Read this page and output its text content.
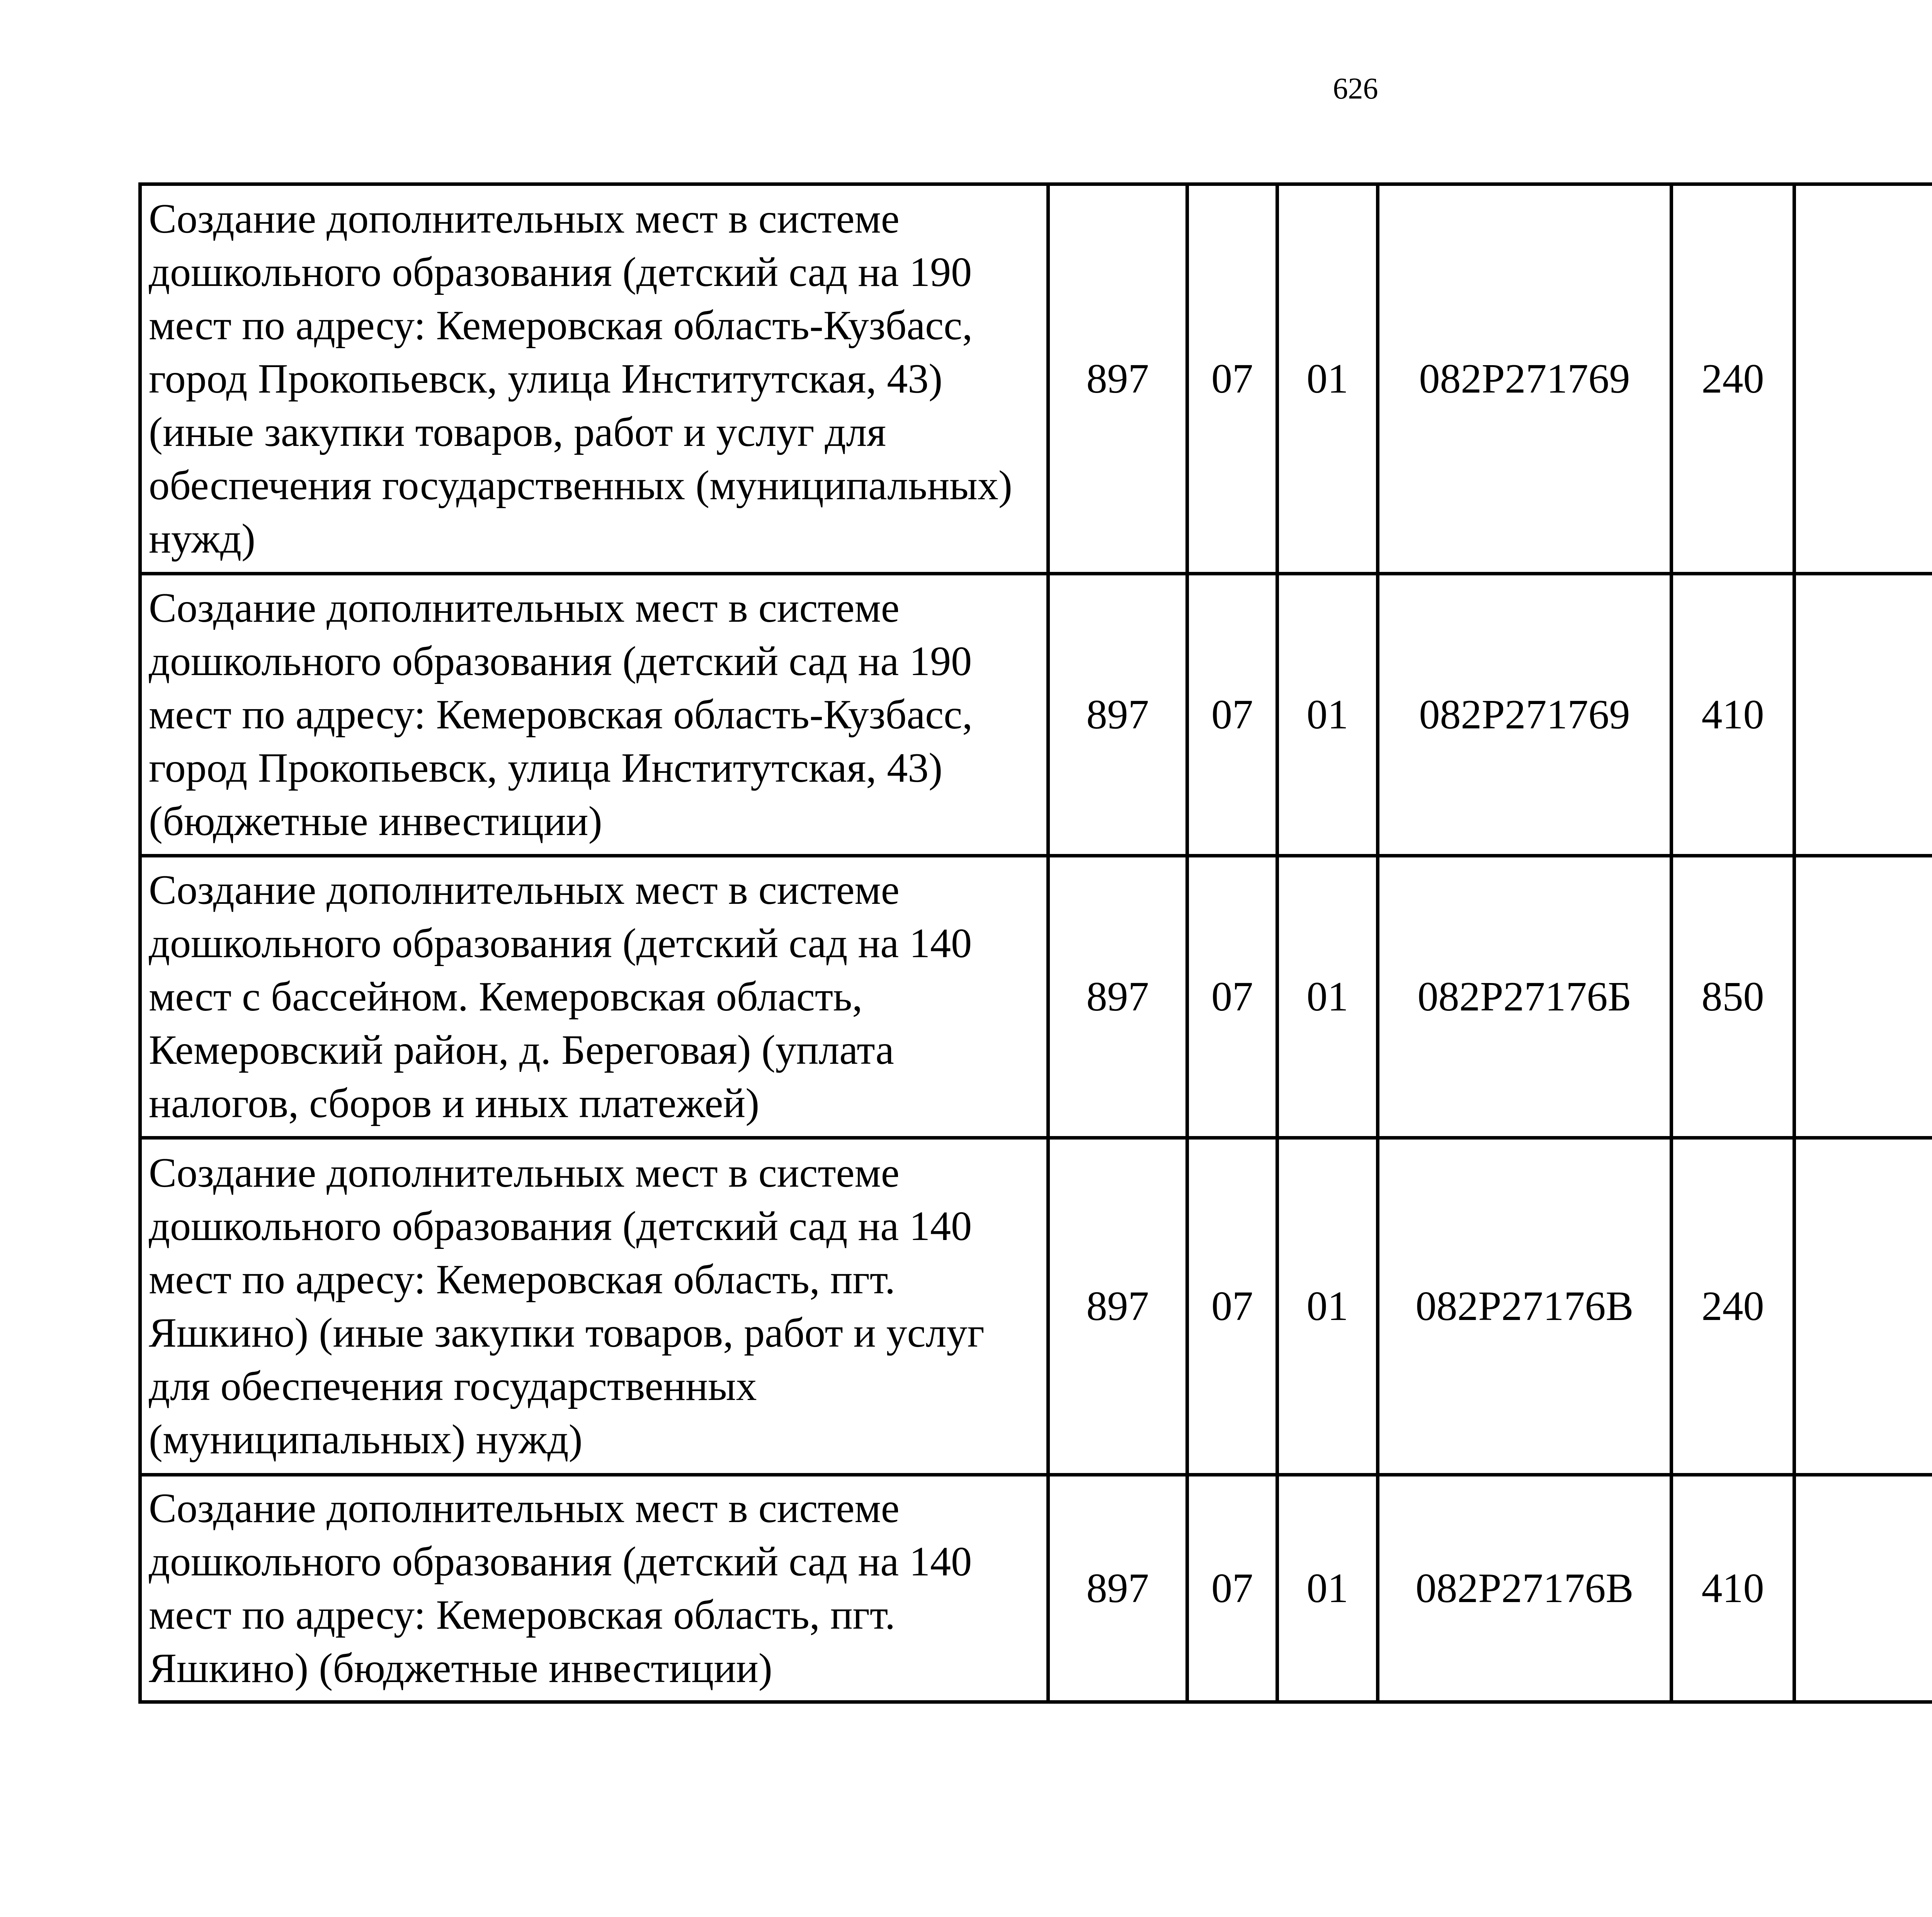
626
Создание дополнительных мест в системе дошкольного образования (детский сад на 190 мест по адресу: Кемеровская область-Кузбасс, город Прокопьевск, улица Институтская, 43) (иные закупки товаров, работ и услуг для обеспечения государственных (муниципальных) нужд)	897	07	01	082Р271769	240			
Создание дополнительных мест в системе дошкольного образования (детский сад на 190 мест по адресу: Кемеровская область-Кузбасс, город Прокопьевск, улица Институтская, 43) (бюджетные инвестиции)	897	07	01	082Р271769	410			
Создание дополнительных мест в системе дошкольного образования (детский сад на 140 мест с бассейном. Кемеровская область, Кемеровский район, д. Береговая) (уплата налогов, сборов и иных платежей)	897	07	01	082Р27176Б	850			
Создание дополнительных мест в системе дошкольного образования (детский сад на 140 мест по адресу: Кемеровская область, пгт. Яшкино) (иные закупки товаров, работ и услуг для обеспечения государственных (муниципальных) нужд)	897	07	01	082Р27176В	240			
Создание дополнительных мест в системе дошкольного образования (детский сад на 140 мест по адресу: Кемеровская область, пгт. Яшкино) (бюджетные инвестиции)	897	07	01	082Р27176В	410			
